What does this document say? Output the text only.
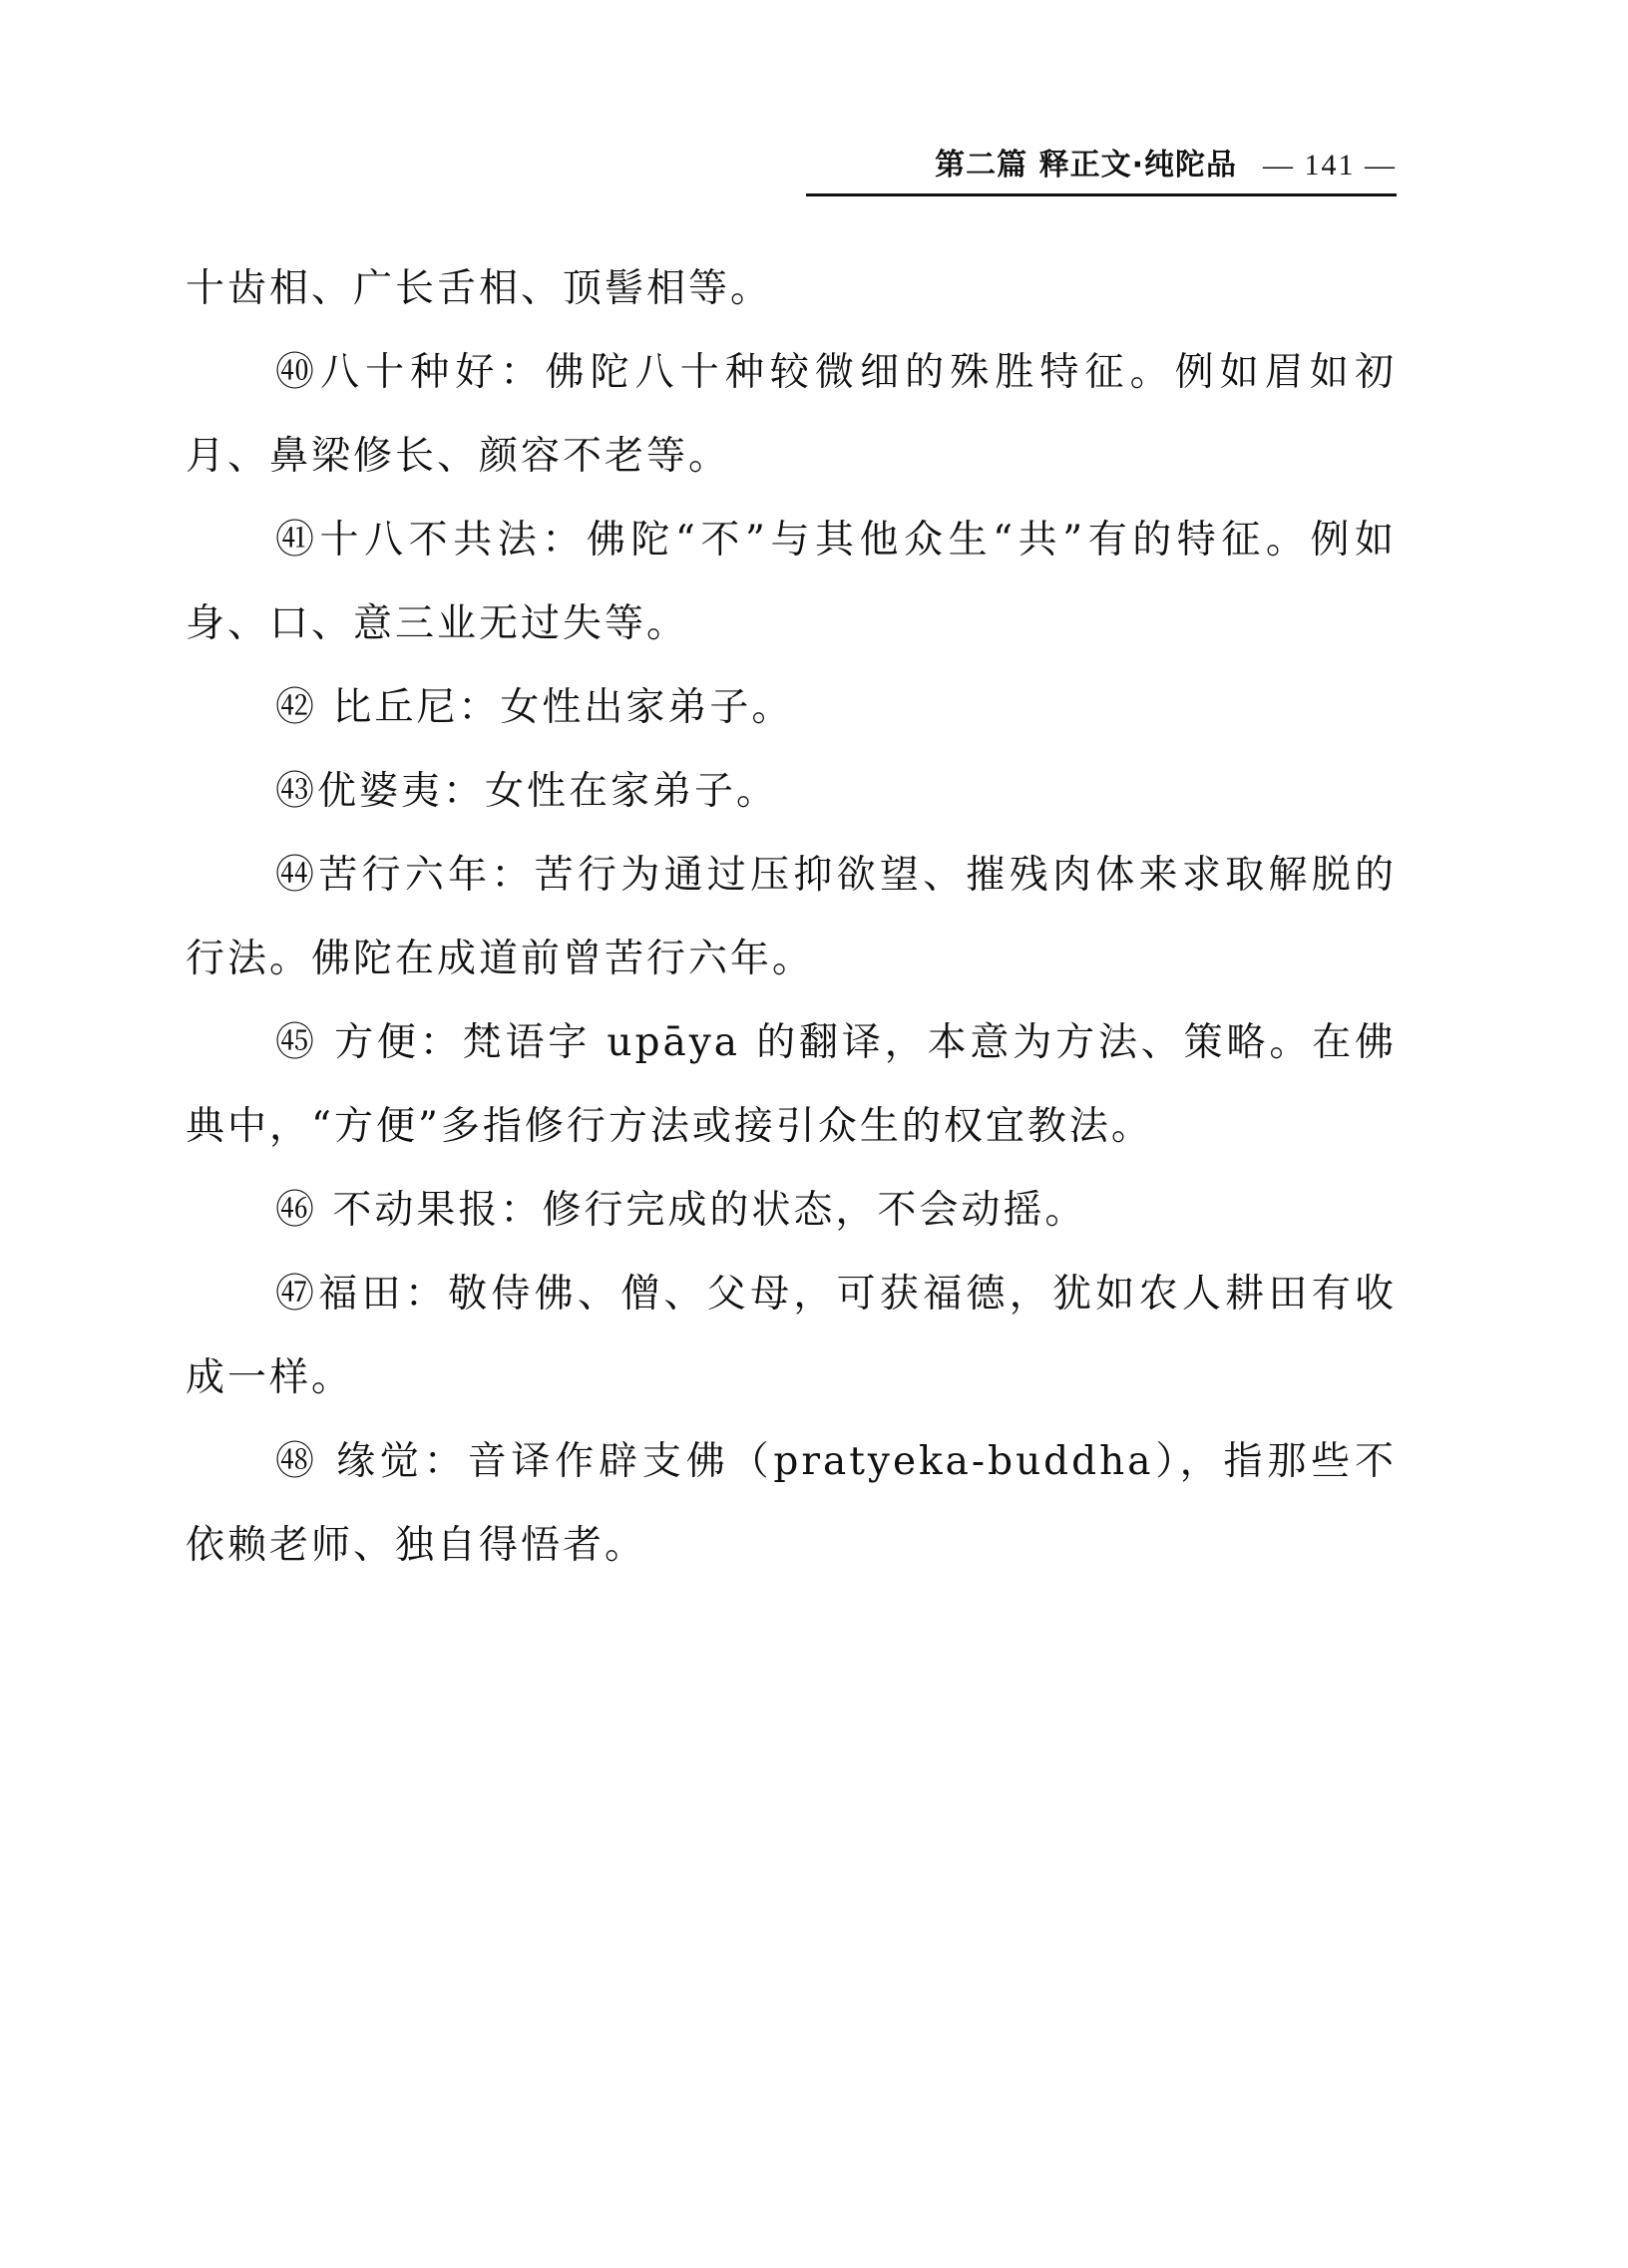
第二篇 释正文·纯陀品 — 141 —

十齿相、广长舌相、顶髻相等。

㊵八十种好：佛陀八十种较微细的殊胜特征。例如眉如初月、鼻梁修长、颜容不老等。

㊶十八不共法：佛陀“不”与其他众生“共”有的特征。例如身、口、意三业无过失等。

㊷ 比丘尼：女性出家弟子。

㊸优婆夷：女性在家弟子。

㊹苦行六年：苦行为通过压抑欲望、摧残肉体来求取解脱的行法。佛陀在成道前曾苦行六年。

㊺ 方便：梵语字 upāya 的翻译，本意为方法、策略。在佛典中，“方便”多指修行方法或接引众生的权宜教法。

㊻ 不动果报：修行完成的状态，不会动摇。

㊼福田：敬侍佛、僧、父母，可获福德，犹如农人耕田有收成一样。

㊽ 缘觉：音译作辟支佛（pratyeka-buddha），指那些不依赖老师、独自得悟者。
